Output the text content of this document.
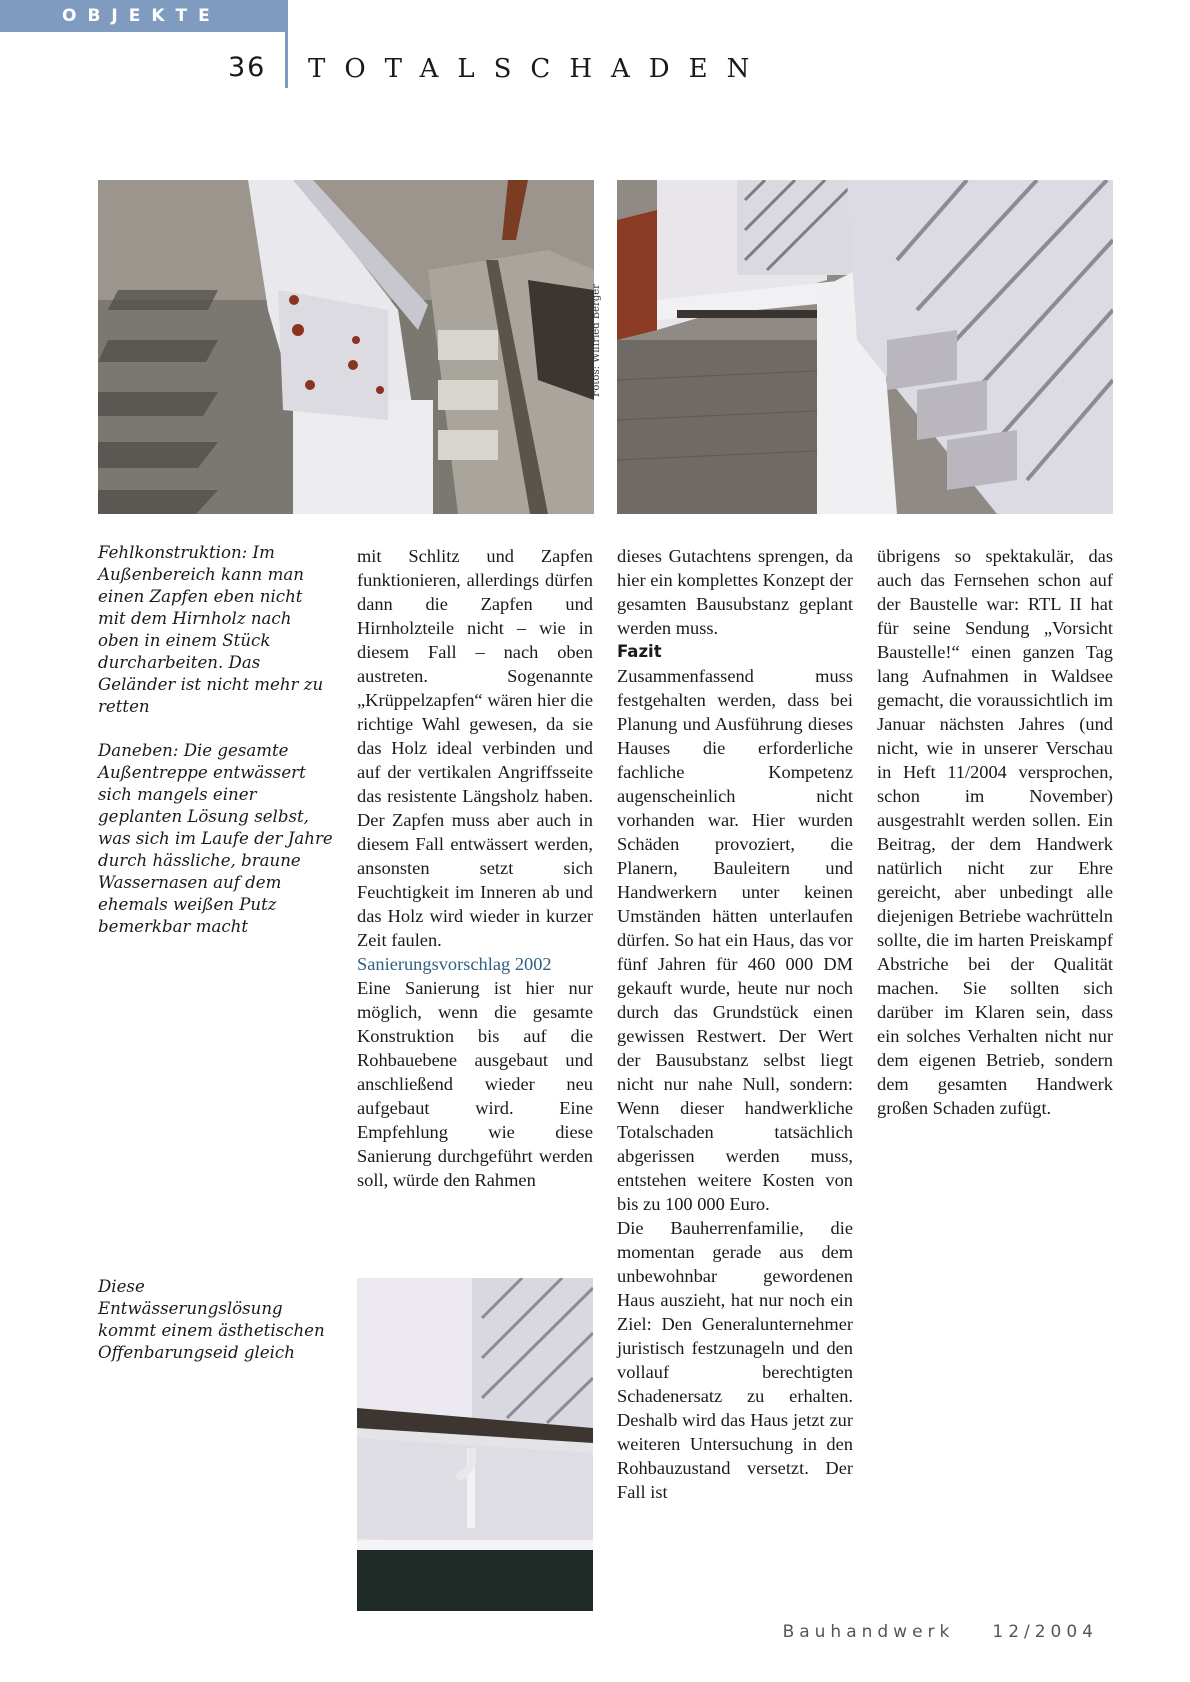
OBJEKTE
36 TOTALSCHADEN
Fotos: Wilfried Berger

Fehlkonstruktion: Im Außenbereich kann man einen Zapfen eben nicht mit dem Hirnholz nach oben in einem Stück durcharbeiten. Das Geländer ist nicht mehr zu retten

Daneben: Die gesamte Außentreppe entwässert sich mangels einer geplanten Lösung selbst, was sich im Laufe der Jahre durch hässliche, braune Wassernasen auf dem ehemals weißen Putz bemerkbar macht

Diese Entwässerungslösung kommt einem ästhetischen Offenbarungseid gleich

mit Schlitz und Zapfen funktionieren, allerdings dürfen dann die Zapfen und Hirnholzteile nicht – wie in diesem Fall – nach oben austreten. Sogenannte „Krüppelzapfen“ wären hier die richtige Wahl gewesen, da sie das Holz ideal verbinden und auf der vertikalen Angriffsseite das resistente Längsholz haben. Der Zapfen muss aber auch in diesem Fall entwässert werden, ansonsten setzt sich Feuchtigkeit im Inneren ab und das Holz wird wieder in kurzer Zeit faulen.

Sanierungsvorschlag 2002

Eine Sanierung ist hier nur möglich, wenn die gesamte Konstruktion bis auf die Rohbauebene ausgebaut und anschließend wieder neu aufgebaut wird. Eine Empfehlung wie diese Sanierung durchgeführt werden soll, würde den Rahmen

dieses Gutachtens sprengen, da hier ein komplettes Konzept der gesamten Bausubstanz geplant werden muss.

Fazit

Zusammenfassend muss festgehalten werden, dass bei Planung und Ausführung dieses Hauses die erforderliche fachliche Kompetenz augenscheinlich nicht vorhanden war. Hier wurden Schäden provoziert, die Planern, Bauleitern und Handwerkern unter keinen Umständen hätten unterlaufen dürfen. So hat ein Haus, das vor fünf Jahren für 460 000 DM gekauft wurde, heute nur noch durch das Grundstück einen gewissen Restwert. Der Wert der Bausubstanz selbst liegt nicht nur nahe Null, sondern: Wenn dieser handwerkliche Totalschaden tatsächlich abgerissen werden muss, entstehen weitere Kosten von bis zu 100 000 Euro.

Die Bauherrenfamilie, die momentan gerade aus dem unbewohnbar gewordenen Haus auszieht, hat nur noch ein Ziel: Den Generalunternehmer juristisch festzunageln und den vollauf berechtigten Schadenersatz zu erhalten. Deshalb wird das Haus jetzt zur weiteren Untersuchung in den Rohbauzustand versetzt. Der Fall ist

übrigens so spektakulär, das auch das Fernsehen schon auf der Baustelle war: RTL II hat für seine Sendung „Vorsicht Baustelle!“ einen ganzen Tag lang Aufnahmen in Waldsee gemacht, die voraussichtlich im Januar nächsten Jahres (und nicht, wie in unserer Verschau in Heft 11/2004 versprochen, schon im November) ausgestrahlt werden sollen. Ein Beitrag, der dem Handwerk natürlich nicht zur Ehre gereicht, aber unbedingt alle diejenigen Betriebe wachrütteln sollte, die im harten Preiskampf Abstriche bei der Qualität machen. Sie sollten sich darüber im Klaren sein, dass ein solches Verhalten nicht nur dem eigenen Betrieb, sondern dem gesamten Handwerk großen Schaden zufügt.

Bauhandwerk 12/2004
